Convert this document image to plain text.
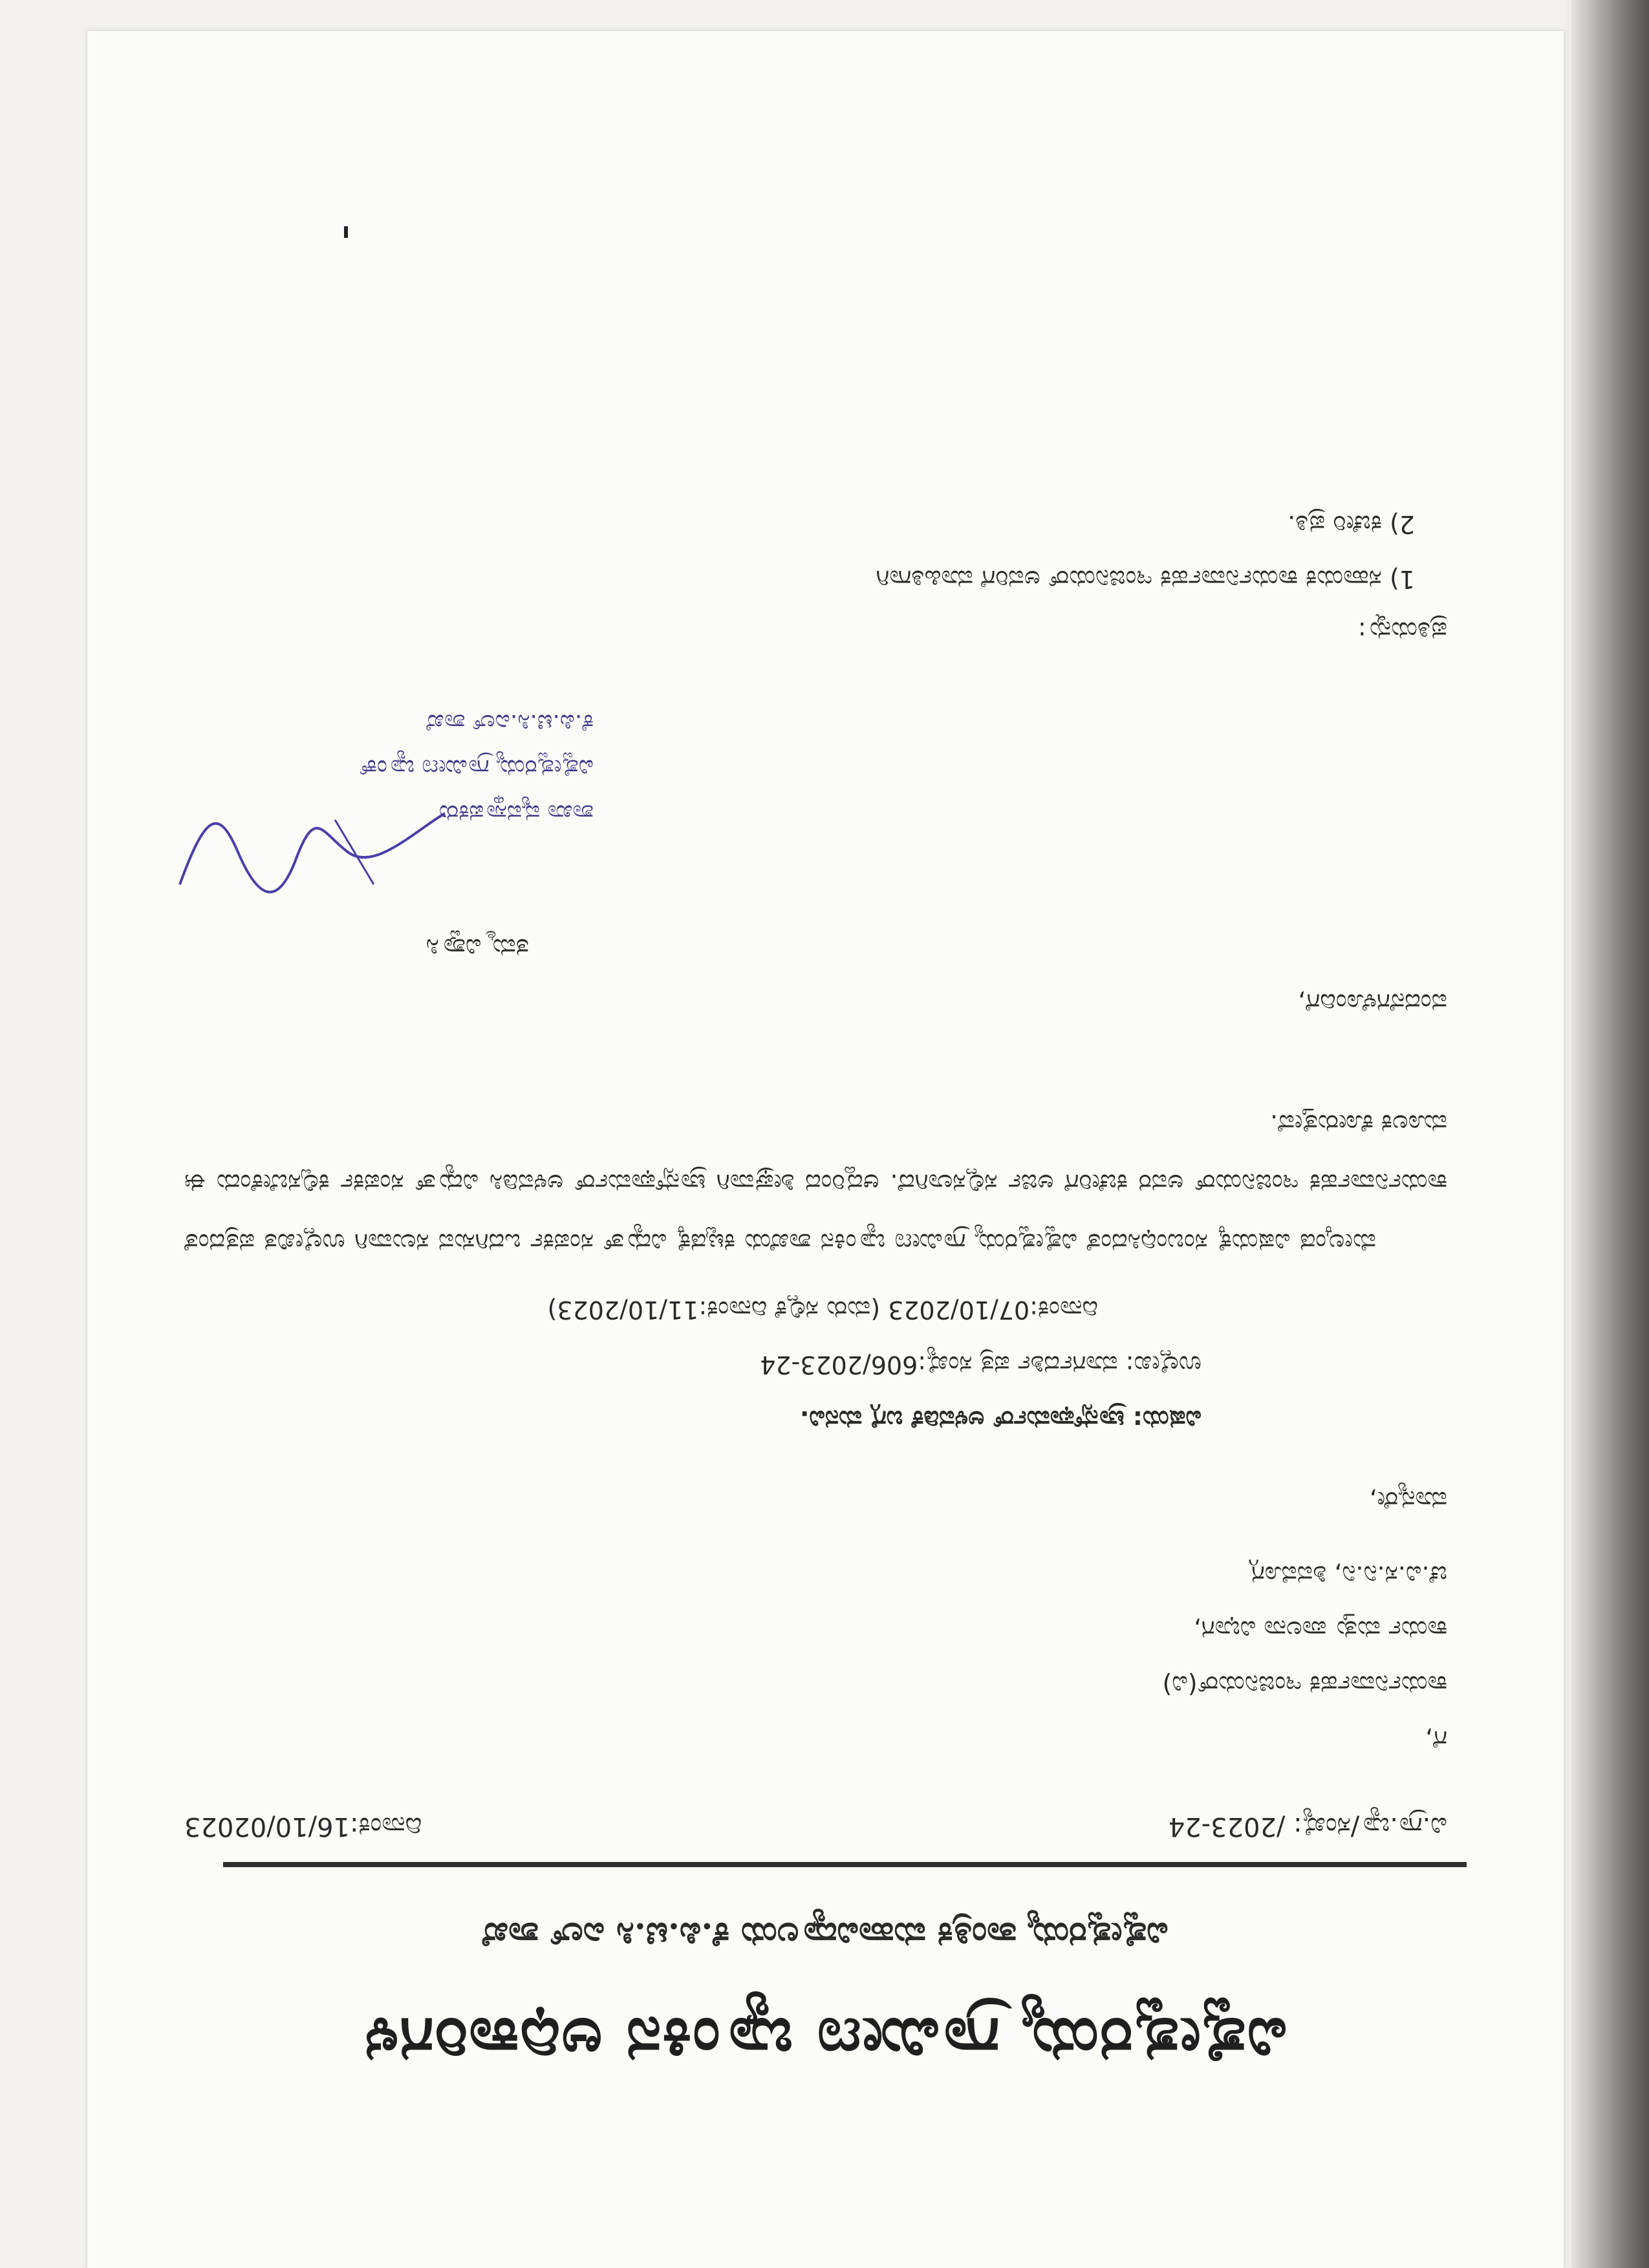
ವಿಶ್ವೇಶ್ವರಯ್ಯ ಗ್ರಾಮೀಣ ಬ್ಯಾಂಕಿನ ಅಧಿಕಾರಿಗಳ
ವಿಶ್ವೇಶ್ವರಯ್ಯ ತಾಂತ್ರಿಕ ಮಹಾವಿದ್ಯಾಲಯ ಕೆ.ಪಿ.ಟಿ.ಸಿ ಎಲ್ ಶಾಖೆ
ವಿ.ಗ್ರಾ.ಬ್ಯಾ/ಸಂಖ್ಯೆ: /2023-24
ದಿನಾಂಕ:16/10/02023
ಗೆ,
ಕಾರ್ಯನಿರ್ವಾಹಕ ಇಂಜಿನಿಯರ್(ವಿ)
ಕಾರ್ಯ ಮತ್ತು ಪಾಲನಾ ವಿಭಾಗ,
ಚೆ.ವಿ.ಸ.ನಿ.ನಿ, ಶಿವಮೊಗ್ಗ
ಮಾನ್ಯರೇ,
ವಿಷಯ: ಟ್ರಾನ್ಸ್‌ಫಾರ್ಮರ್ ಅಳವಡಿಕೆ ಬಗ್ಗೆ ಮನವಿ.
ಉಲ್ಲೇಖ: ಮಾರ್ಗದರ್ಶಿ ಪತ್ರ ಸಂಖ್ಯೆ:606/2023-24
ದಿನಾಂಕ:07/10/2023 (ಮರು ಸಲ್ಲಿಕೆ ದಿನಾಂಕ:11/10/2023)
ಮೇಲ್ಕಂಡ ವಿಷಯಕ್ಕೆ ಸಂಬಂಧಿಸಿದಂತೆ ವಿಶ್ವೇಶ್ವರಯ್ಯ ಗ್ರಾಮೀಣ ಬ್ಯಾಂಕಿನ ಶಾಖೆಯ ಕಟ್ಟಡಕ್ಕೆ ವಿದ್ಯುತ್ ಸಂಪರ್ಕ ಒದಗಿಸುವ ಸಲುವಾಗಿ ಉಲ್ಲೇಖಿತ ಪತ್ರದಂತೆ ಕಾರ್ಯನಿರ್ವಾಹಕ ಇಂಜಿನಿಯರ್ ಅವರ ಕಚೇರಿಗೆ ಅರ್ಜಿ ಸಲ್ಲಿಸಲಾಗಿದೆ. ಆದ್ದರಿಂದ ಶೀಘ್ರವಾಗಿ ಟ್ರಾನ್ಸ್‌ಫಾರ್ಮರ್ ಅಳವಡಿಸಿ ವಿದ್ಯುತ್ ಸಂಪರ್ಕ ಕಲ್ಪಿಸಬೇಕೆಂದು ಈ ಮೂಲಕ ಕೋರುತ್ತೇವೆ.
ವಂದನೆಗಳೊಂದಿಗೆ,
ತಮ್ಮ ವಿಶ್ವಾಸಿ
ಶಾಖಾ ವ್ಯವಸ್ಥಾಪಕರು
ವಿಶ್ವೇಶ್ವರಯ್ಯ ಗ್ರಾಮೀಣ ಬ್ಯಾಂಕ್
ಕೆ.ಪಿ.ಟಿ.ಸಿ.ಎಲ್ ಶಾಖೆ
ಪ್ರತಿಯನ್ನು:
1) ಸಹಾಯಕ ಕಾರ್ಯನಿರ್ವಾಹಕ ಇಂಜಿನಿಯರ್ ಅವರಿಗೆ ಮಾಹಿತಿಗಾಗಿ
2) ಕಚೇರಿ ಪ್ರತಿ.
